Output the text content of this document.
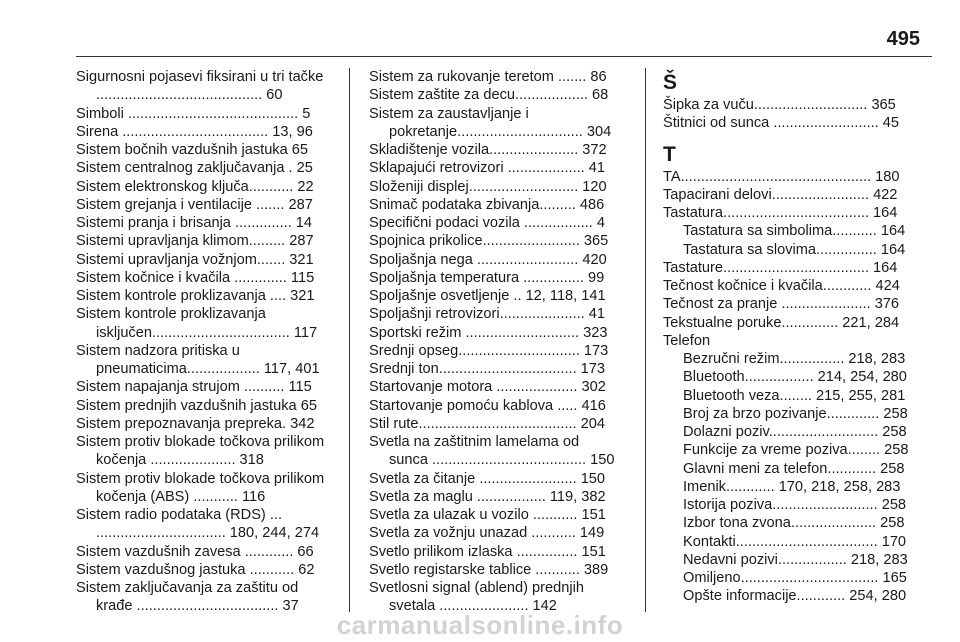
495
Sigurnosni pojasevi fiksirani u tri tačke ......................................... 60
Simboli .......................................... 5
Sirena .................................... 13, 96
Sistem bočnih vazdušnih jastuka 65
Sistem centralnog zaključavanja . 25
Sistem elektronskog ključa........... 22
Sistem grejanja i ventilacije ....... 287
Sistemi pranja i brisanja .............. 14
Sistemi upravljanja klimom......... 287
Sistemi upravljanja vožnjom....... 321
Sistem kočnice i kvačila ............. 115
Sistem kontrole proklizavanja .... 321
Sistem kontrole proklizavanja isključen.................................. 117
Sistem nadzora pritiska u pneumaticima.................. 117, 401
Sistem napajanja strujom .......... 115
Sistem prednjih vazdušnih jastuka 65
Sistem prepoznavanja prepreka. 342
Sistem protiv blokade točkova prilikom kočenja ..................... 318
Sistem protiv blokade točkova prilikom kočenja (ABS) ........... 116
Sistem radio podataka (RDS) ... ................................ 180, 244, 274
Sistem vazdušnih zavesa ............ 66
Sistem vazdušnog jastuka ........... 62
Sistem zaključavanja za zaštitu od krađe ................................... 37
Sistem za rukovanje teretom ....... 86
Sistem zaštite za decu.................. 68
Sistem za zaustavljanje i pokretanje............................... 304
Skladištenje vozila...................... 372
Sklapajući retrovizori ................... 41
Složeniji displej........................... 120
Snimač podataka zbivanja......... 486
Specifični podaci vozila ................. 4
Spojnica prikolice........................ 365
Spoljašnja nega ......................... 420
Spoljašnja temperatura ............... 99
Spoljašnje osvetljenje .. 12, 118, 141
Spoljašnji retrovizori..................... 41
Sportski režim ............................ 323
Srednji opseg.............................. 173
Srednji ton.................................. 173
Startovanje motora .................... 302
Startovanje pomoću kablova ..... 416
Stil rute....................................... 204
Svetla na zaštitnim lamelama od sunca ...................................... 150
Svetla za čitanje ........................ 150
Svetla za maglu ................. 119, 382
Svetla za ulazak u vozilo ........... 151
Svetla za vožnju unazad ........... 149
Svetlo prilikom izlaska ............... 151
Svetlo registarske tablice ........... 389
Svetlosni signal (ablend) prednjih svetala ...................... 142
Š
Šipka za vuču............................ 365
Štitnici od sunca .......................... 45
T
TA............................................... 180
Tapacirani delovi........................ 422
Tastatura.................................... 164
Tastatura sa simbolima........... 164
Tastatura sa slovima............... 164
Tastature.................................... 164
Tečnost kočnice i kvačila............ 424
Tečnost za pranje ...................... 376
Tekstualne poruke.............. 221, 284
Telefon
Bezručni režim................ 218, 283
Bluetooth................. 214, 254, 280
Bluetooth veza........ 215, 255, 281
Broj za brzo pozivanje............. 258
Dolazni poziv........................... 258
Funkcije za vreme poziva........ 258
Glavni meni za telefon............ 258
Imenik............ 170, 218, 258, 283
Istorija poziva.......................... 258
Izbor tona zvona..................... 258
Kontakti................................... 170
Nedavni pozivi................. 218, 283
Omiljeno.................................. 165
Opšte informacije............ 254, 280
carmanualsonline.info
